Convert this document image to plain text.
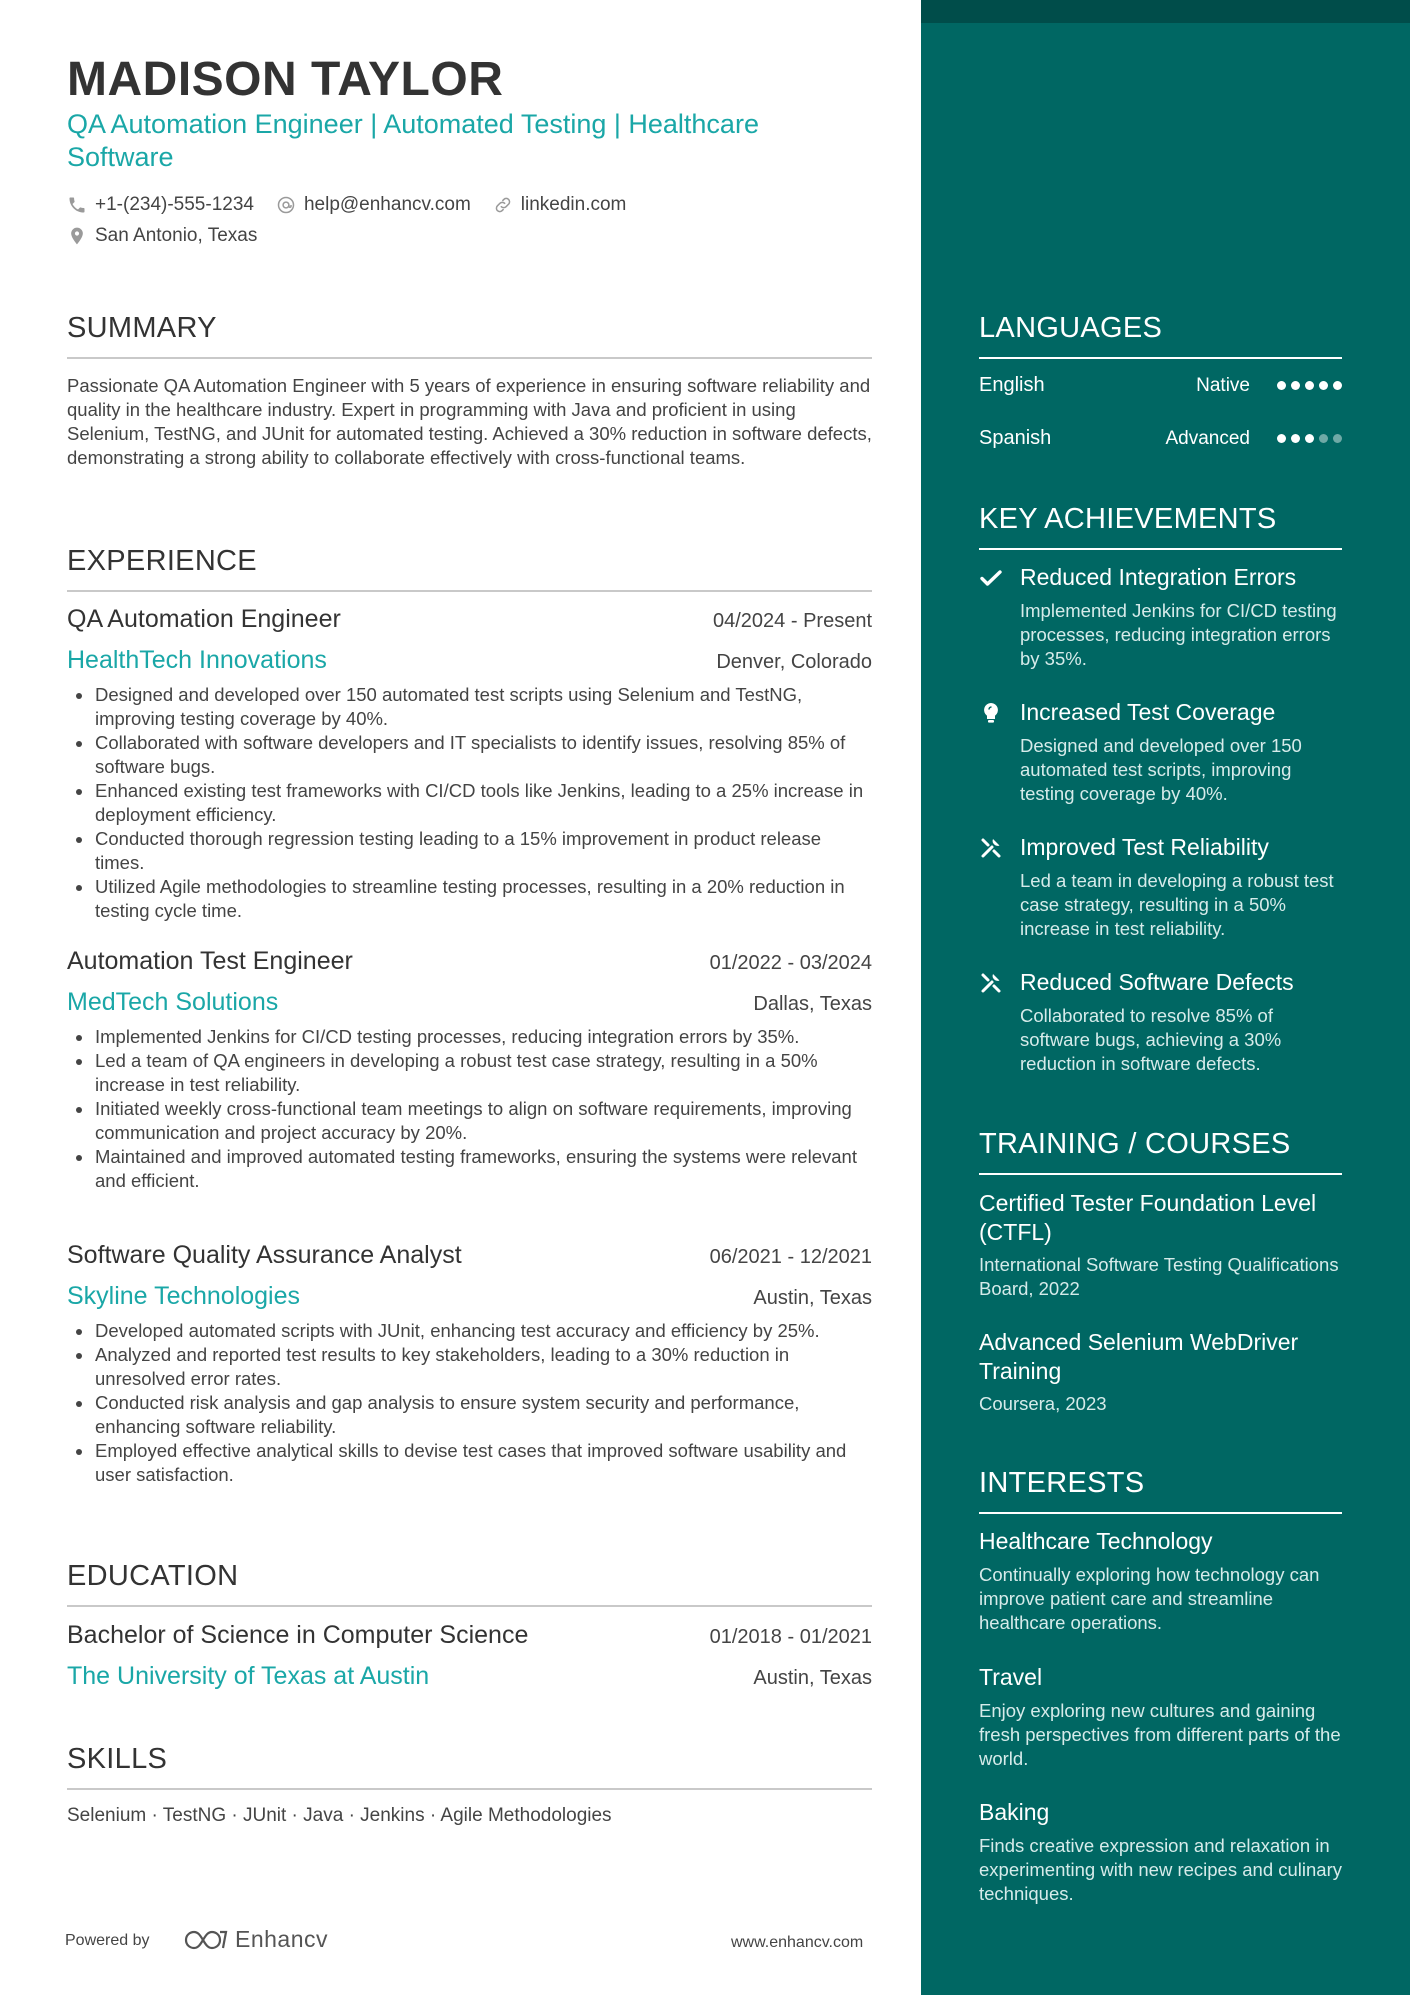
MADISON TAYLOR
QA Automation Engineer | Automated Testing | Healthcare Software
+1-(234)-555-1234	help@enhancv.com	linkedin.com
San Antonio, Texas
SUMMARY
Passionate QA Automation Engineer with 5 years of experience in ensuring software reliability and quality in the healthcare industry. Expert in programming with Java and proficient in using Selenium, TestNG, and JUnit for automated testing. Achieved a 30% reduction in software defects, demonstrating a strong ability to collaborate effectively with cross-functional teams.
EXPERIENCE
QA Automation Engineer	04/2024 - Present
HealthTech Innovations	Denver, Colorado
Designed and developed over 150 automated test scripts using Selenium and TestNG, improving testing coverage by 40%.
Collaborated with software developers and IT specialists to identify issues, resolving 85% of software bugs.
Enhanced existing test frameworks with CI/CD tools like Jenkins, leading to a 25% increase in deployment efficiency.
Conducted thorough regression testing leading to a 15% improvement in product release times.
Utilized Agile methodologies to streamline testing processes, resulting in a 20% reduction in testing cycle time.
Automation Test Engineer	01/2022 - 03/2024
MedTech Solutions	Dallas, Texas
Implemented Jenkins for CI/CD testing processes, reducing integration errors by 35%.
Led a team of QA engineers in developing a robust test case strategy, resulting in a 50% increase in test reliability.
Initiated weekly cross-functional team meetings to align on software requirements, improving communication and project accuracy by 20%.
Maintained and improved automated testing frameworks, ensuring the systems were relevant and efficient.
Software Quality Assurance Analyst	06/2021 - 12/2021
Skyline Technologies	Austin, Texas
Developed automated scripts with JUnit, enhancing test accuracy and efficiency by 25%.
Analyzed and reported test results to key stakeholders, leading to a 30% reduction in unresolved error rates.
Conducted risk analysis and gap analysis to ensure system security and performance, enhancing software reliability.
Employed effective analytical skills to devise test cases that improved software usability and user satisfaction.
EDUCATION
Bachelor of Science in Computer Science	01/2018 - 01/2021
The University of Texas at Austin	Austin, Texas
SKILLS
Selenium · TestNG · JUnit · Java · Jenkins · Agile Methodologies
Powered by	Enhancv	www.enhancv.com
LANGUAGES
English	Native
Spanish	Advanced
KEY ACHIEVEMENTS
Reduced Integration Errors
Implemented Jenkins for CI/CD testing processes, reducing integration errors by 35%.
Increased Test Coverage
Designed and developed over 150 automated test scripts, improving testing coverage by 40%.
Improved Test Reliability
Led a team in developing a robust test case strategy, resulting in a 50% increase in test reliability.
Reduced Software Defects
Collaborated to resolve 85% of software bugs, achieving a 30% reduction in software defects.
TRAINING / COURSES
Certified Tester Foundation Level (CTFL)
International Software Testing Qualifications Board, 2022
Advanced Selenium WebDriver Training
Coursera, 2023
INTERESTS
Healthcare Technology
Continually exploring how technology can improve patient care and streamline healthcare operations.
Travel
Enjoy exploring new cultures and gaining fresh perspectives from different parts of the world.
Baking
Finds creative expression and relaxation in experimenting with new recipes and culinary techniques.
